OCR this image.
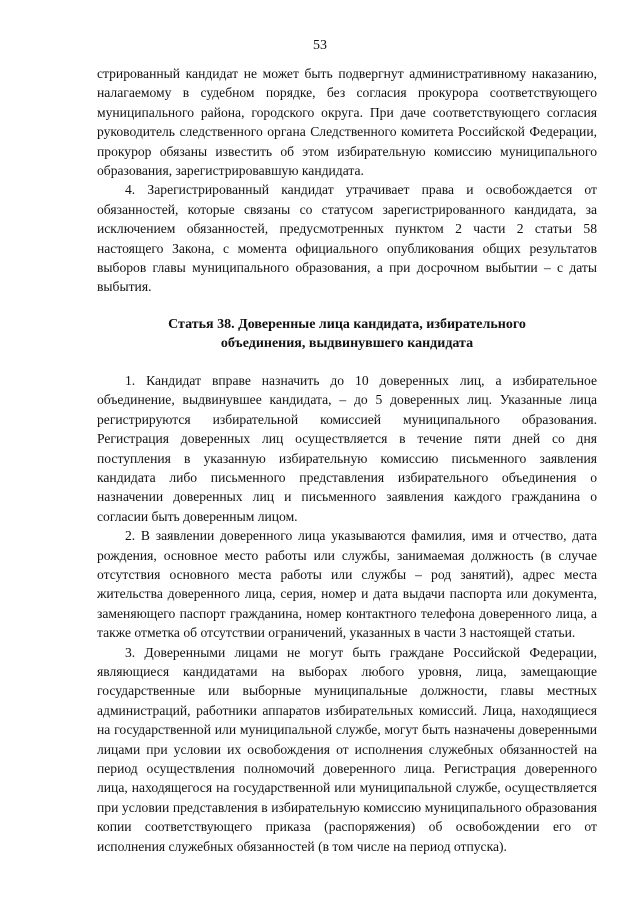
53

стрированный кандидат не может быть подвергнут административному наказанию, налагаемому в судебном порядке, без согласия прокурора соответствующего муниципального района, городского округа. При даче соответствующего согласия руководитель следственного органа Следственного комитета Российской Федерации, прокурор обязаны известить об этом избирательную комиссию муниципального образования, зарегистрировавшую кандидата.

4. Зарегистрированный кандидат утрачивает права и освобождается от обязанностей, которые связаны со статусом зарегистрированного кандидата, за исключением обязанностей, предусмотренных пунктом 2 части 2 статьи 58 настоящего Закона, с момента официального опубликования общих результатов выборов главы муниципального образования, а при досрочном выбытии – с даты выбытия.

Статья 38. Доверенные лица кандидата, избирательного
объединения, выдвинувшего кандидата

1. Кандидат вправе назначить до 10 доверенных лиц, а избирательное объединение, выдвинувшее кандидата, – до 5 доверенных лиц. Указанные лица регистрируются избирательной комиссией муниципального образования. Регистрация доверенных лиц осуществляется в течение пяти дней со дня поступления в указанную избирательную комиссию письменного заявления кандидата либо письменного представления избирательного объединения о назначении доверенных лиц и письменного заявления каждого гражданина о согласии быть доверенным лицом.

2. В заявлении доверенного лица указываются фамилия, имя и отчество, дата рождения, основное место работы или службы, занимаемая должность (в случае отсутствия основного места работы или службы – род занятий), адрес места жительства доверенного лица, серия, номер и дата выдачи паспорта или документа, заменяющего паспорт гражданина, номер контактного телефона доверенного лица, а также отметка об отсутствии ограничений, указанных в части 3 настоящей статьи.

3. Доверенными лицами не могут быть граждане Российской Федерации, являющиеся кандидатами на выборах любого уровня, лица, замещающие государственные или выборные муниципальные должности, главы местных администраций, работники аппаратов избирательных комиссий. Лица, находящиеся на государственной или муниципальной службе, могут быть назначены доверенными лицами при условии их освобождения от исполнения служебных обязанностей на период осуществления полномочий доверенного лица. Регистрация доверенного лица, находящегося на государственной или муниципальной службе, осуществляется при условии представления в избирательную комиссию муниципального образования копии соответствующего приказа (распоряжения) об освобождении его от исполнения служебных обязанностей (в том числе на период отпуска).
